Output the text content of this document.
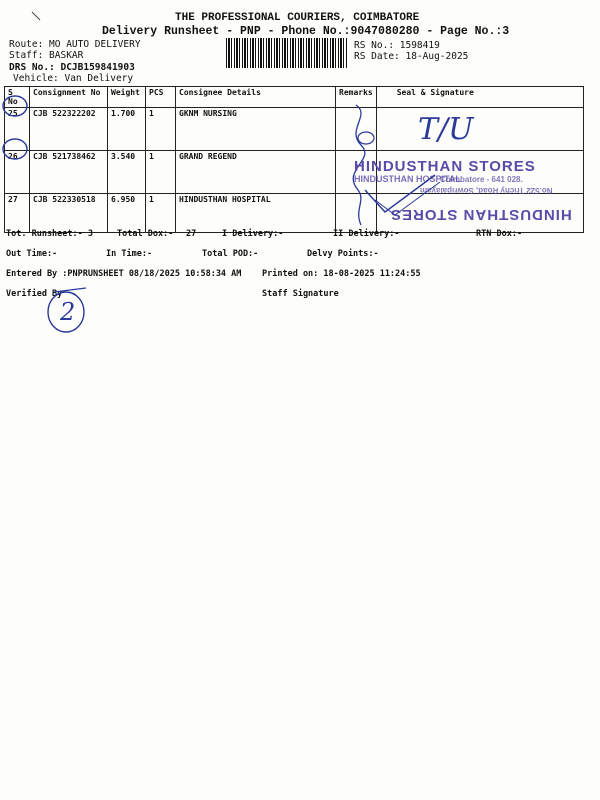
THE PROFESSIONAL COURIERS, COIMBATORE
Delivery Runsheet - PNP - Phone No.:9047080280 - Page No.:3
Route: MO AUTO DELIVERY
Staff: BASKAR
DRS No.: DCJB159841903
Vehicle: Van Delivery
RS No.: 1598419
RS Date: 18-Aug-2025
S No	Consignment No	Weight	PCS	Consignee Details	Remarks	Seal & Signature
25	CJB 522322202	1.700	1	GKNM NURSING		
26	CJB 521738462	3.540	1	GRAND REGEND		
27	CJB 522330518	6.950	1	HINDUSTHAN HOSPITAL		
T/U
HINDUSTHAN STORES
HINDUSTHAN HOSPITAL
Coimbatore - 641 028.
No.522 Trichy Road, Sowripalayam
HINDUSTHAN STORES
Tot. Runsheet:- 3	Total Dox:- 27	I Delivery:-	II Delivery:-	RTN Dox:-
Out Time:-	In Time:-	Total POD:-	Delvy Points:-
Entered By :PNPRUNSHEET 08/18/2025 10:58:34 AM Printed on: 18-08-2025 11:24:55
Verified By	Staff Signature
2
